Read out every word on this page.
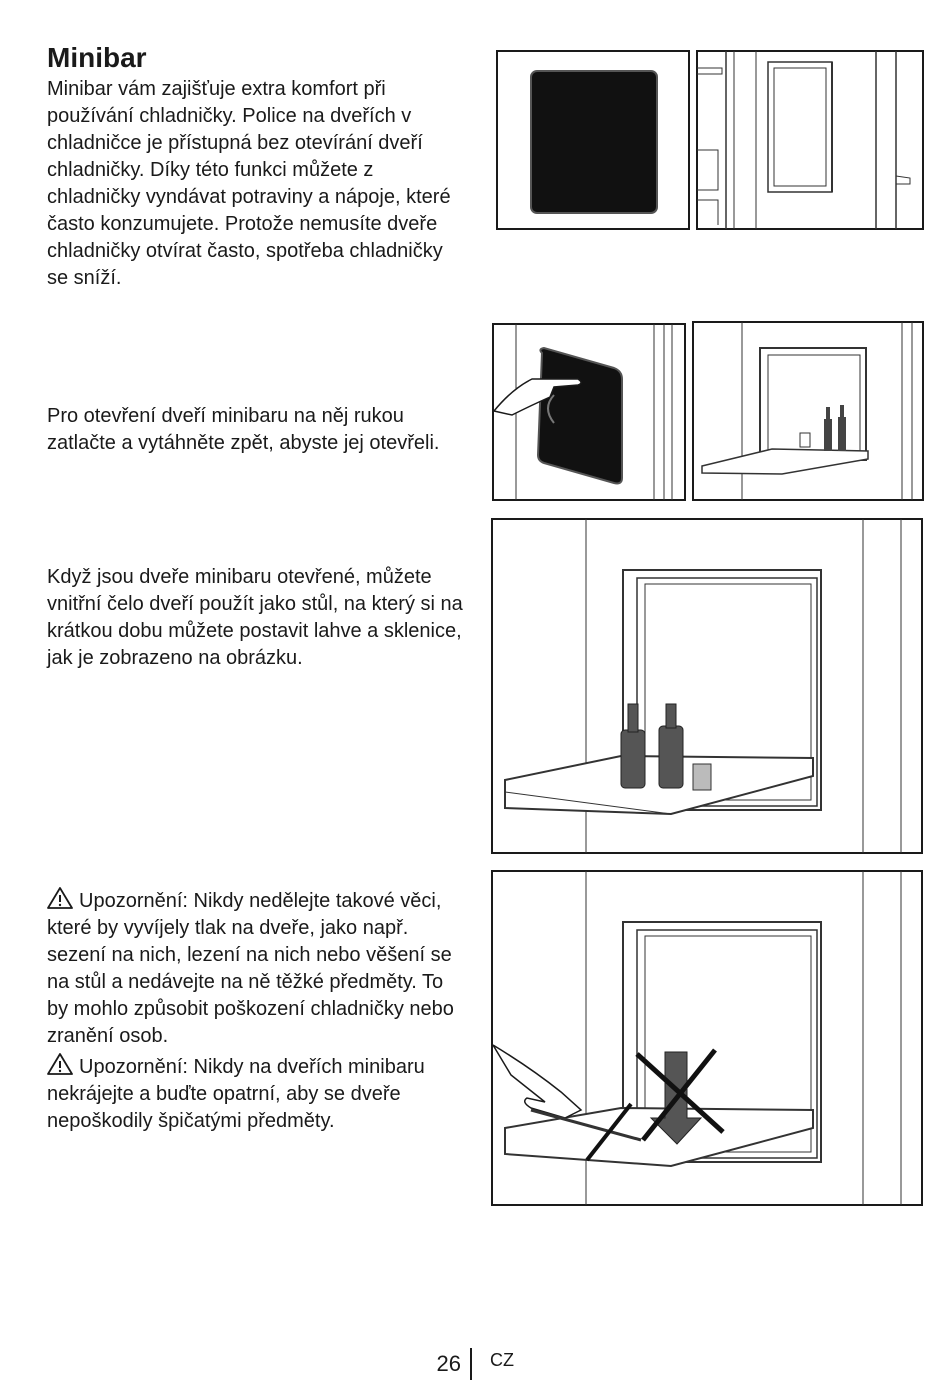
Minibar

Minibar vám zajišťuje extra komfort při používání chladničky. Police na dveřích v chladničce je přístupná bez otevírání dveří chladničky. Díky této funkci můžete z chladničky vyndávat potraviny a nápoje, které často konzumujete. Protože nemusíte dveře chladničky otvírat často, spotřeba chladničky se sníží.

Pro otevření dveří minibaru na něj rukou zatlačte a vytáhněte zpět, abyste jej otevřeli.

Když jsou dveře minibaru otevřené, můžete vnitřní čelo dveří použít jako stůl, na který si na krátkou dobu můžete postavit lahve a sklenice, jak je zobrazeno na obrázku.

Upozornění: Nikdy nedělejte takové věci, které by vyvíjely tlak na dveře, jako např. sezení na nich, lezení na nich nebo věšení se na stůl a nedávejte na ně těžké předměty. To by mohlo způsobit poškození chladničky nebo zranění osob.

Upozornění: Nikdy na dveřích minibaru nekrájejte a buďte opatrní, aby se dveře nepoškodily špičatými předměty.

26 CZ
